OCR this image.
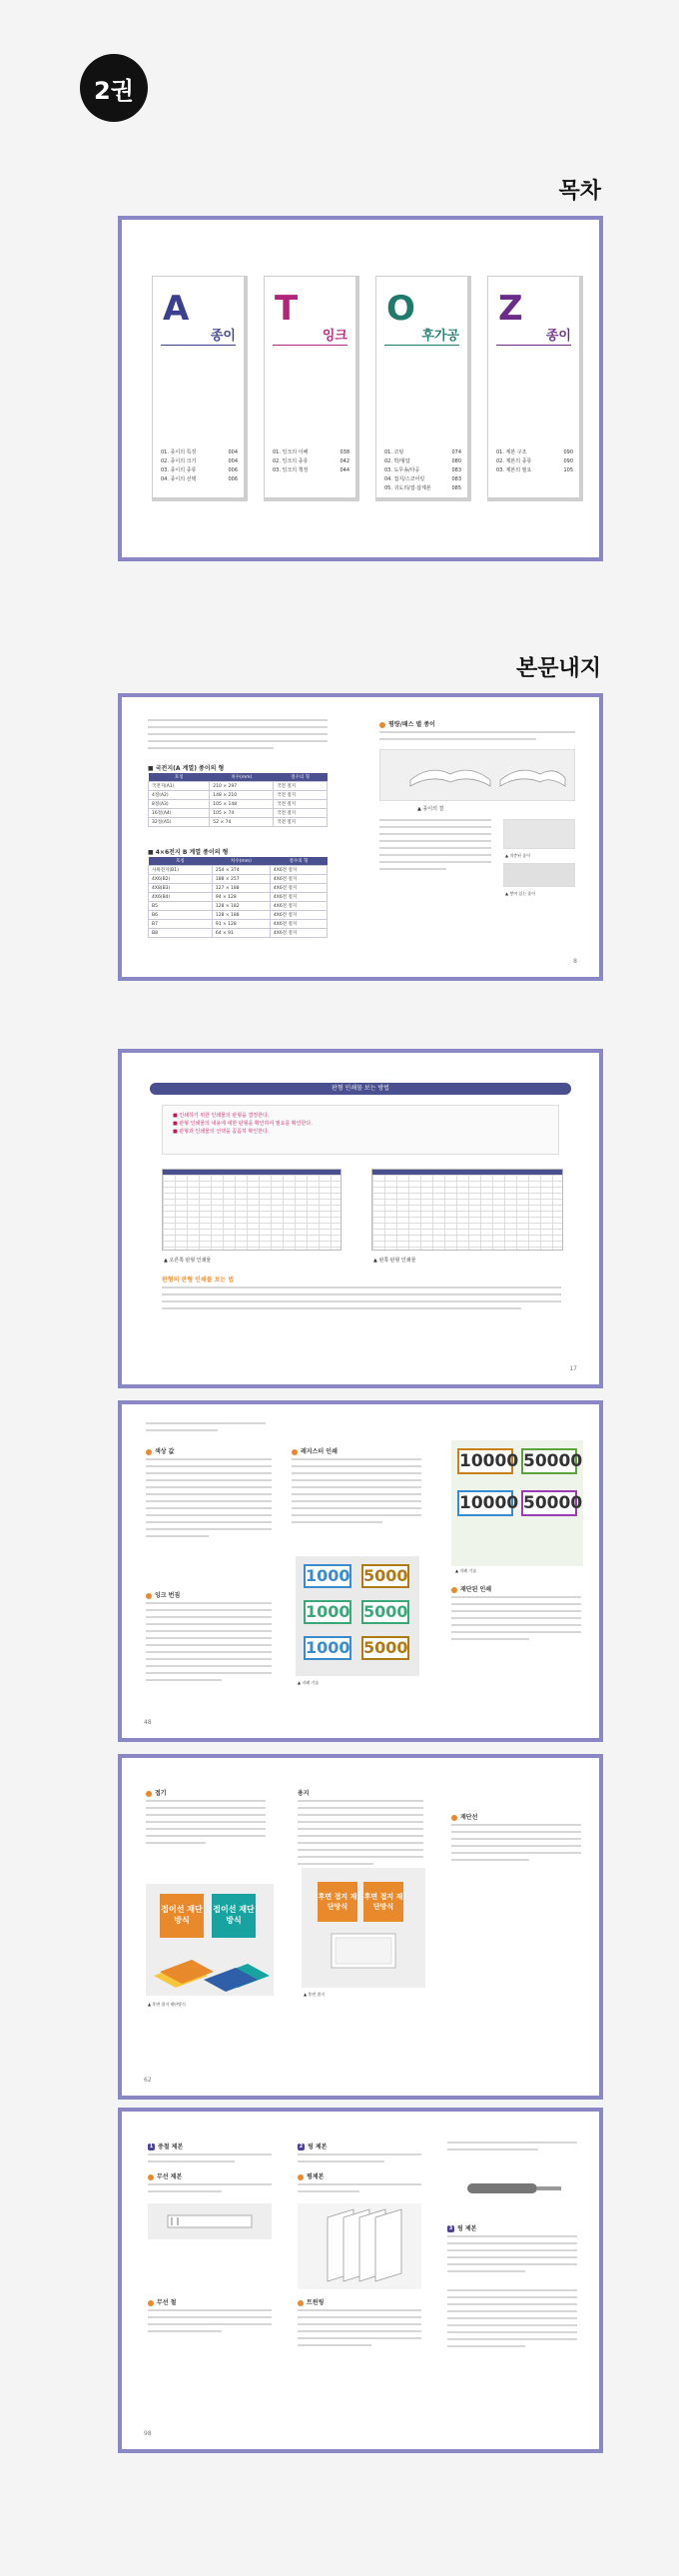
2권
목차
A
종이
01. 종이의 특징	004
02. 종이의 크기	004
03. 종이의 종류	006
04. 종이의 선택	006
T
잉크
01. 잉크의 이해	038
02. 잉크의 종류	042
03. 잉크의 책정	044
O
후가공
01. 코팅	074
02. 박/형압	080
03. 도무송/타공	083
04. 접지/스코어링	083
05. 귀도리/접·삽제본	085
Z
종이
01. 제본 구조	090
02. 제본의 종류	090
03. 제본의 필요	105
본문내지
■ 국전지(A 계열) 종이의 형
호칭	치수(mm)	절수의 형
국전지(A1)	210 × 297	국전 절지
4절(A2)	148 × 210	국전 절지
8절(A3)	105 × 148	국전 절지
16절(A4)	105 × 74	국전 절지
32절(A5)	52 × 74	국전 절지
■ 4×6전지 B 계열 종이의 형
호칭	치수(mm)	절수의 형
사륙전지(B1)	254 × 374	4X6전 절지
4X6(B2)	188 × 257	4X6전 절지
4X8(B3)	127 × 188	4X6전 절지
4X6(B4)	94 × 128	4X6전 절지
B5	128 × 182	4X6전 절지
B6	128 × 188	4X6전 절지
B7	91 × 128	4X6전 절지
B8	64 × 91	4X6전 절지
평량/패스 별 종이
▲ 종이의 결
▲ 적층된 종이
▲ 쌓여 있는 종이
8
판형 인쇄물 보는 방법
■ 인쇄하기 위한 인쇄물의 판형을 결정한다.
■ 판형 인쇄물의 내용에 대한 판형을 확인하여 필요를 확인한다.
■ 판형과 인쇄물의 선택을 꼼꼼히 확인한다.
▲ 오른쪽 판형 인쇄물	▲ 왼쪽 판형 인쇄물
판형의 판형 인쇄물 보는 법
17
색상 값
잉크 번짐
레지스터 인쇄
1000 5000
1000 5000
1000 5000
▲ 지폐 기술
10000 50000
10000 50000
▲ 지폐 기술
재단된 인쇄
48
접기
접이선 재단방식
접이선 재단방식
▲ 후면 접지 재단방식
용지
후면 접지 재단방식
후면 접지 재단방식
▲ 후면 접지
재단선
62
1 중철 제본
무선 제본
무선 철
2 링 제본
평제본
트윈링
3 링 제본
98
